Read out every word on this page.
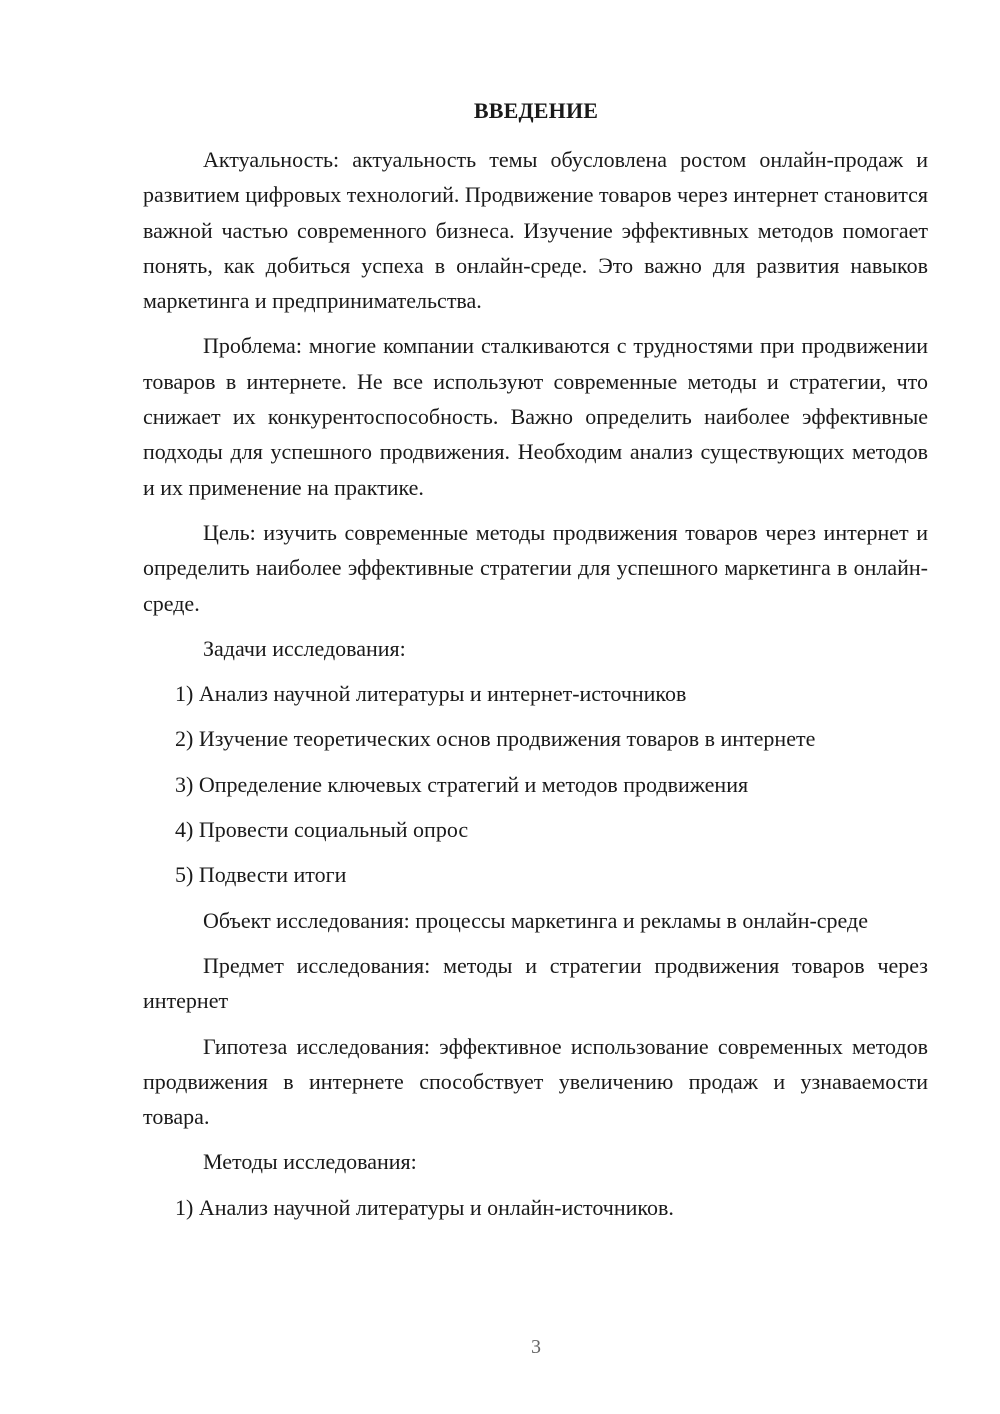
ВВЕДЕНИЕ

Актуальность: актуальность темы обусловлена ростом онлайн-продаж и развитием цифровых технологий. Продвижение товаров через интернет становится важной частью современного бизнеса. Изучение эффективных методов помогает понять, как добиться успеха в онлайн-среде. Это важно для развития навыков маркетинга и предпринимательства.

Проблема: многие компании сталкиваются с трудностями при продвижении товаров в интернете. Не все используют современные методы и стратегии, что снижает их конкурентоспособность. Важно определить наиболее эффективные подходы для успешного продвижения. Необходим анализ существующих методов и их применение на практике.

Цель: изучить современные методы продвижения товаров через интернет и определить наиболее эффективные стратегии для успешного маркетинга в онлайн-среде.

Задачи исследования:

1) Анализ научной литературы и интернет-источников

2) Изучение теоретических основ продвижения товаров в интернете

3) Определение ключевых стратегий и методов продвижения

4) Провести социальный опрос

5) Подвести итоги

Объект исследования: процессы маркетинга и рекламы в онлайн-среде

Предмет исследования: методы и стратегии продвижения товаров через интернет

Гипотеза исследования: эффективное использование современных методов продвижения в интернете способствует увеличению продаж и узнаваемости товара.

Методы исследования:

1) Анализ научной литературы и онлайн-источников.

3
